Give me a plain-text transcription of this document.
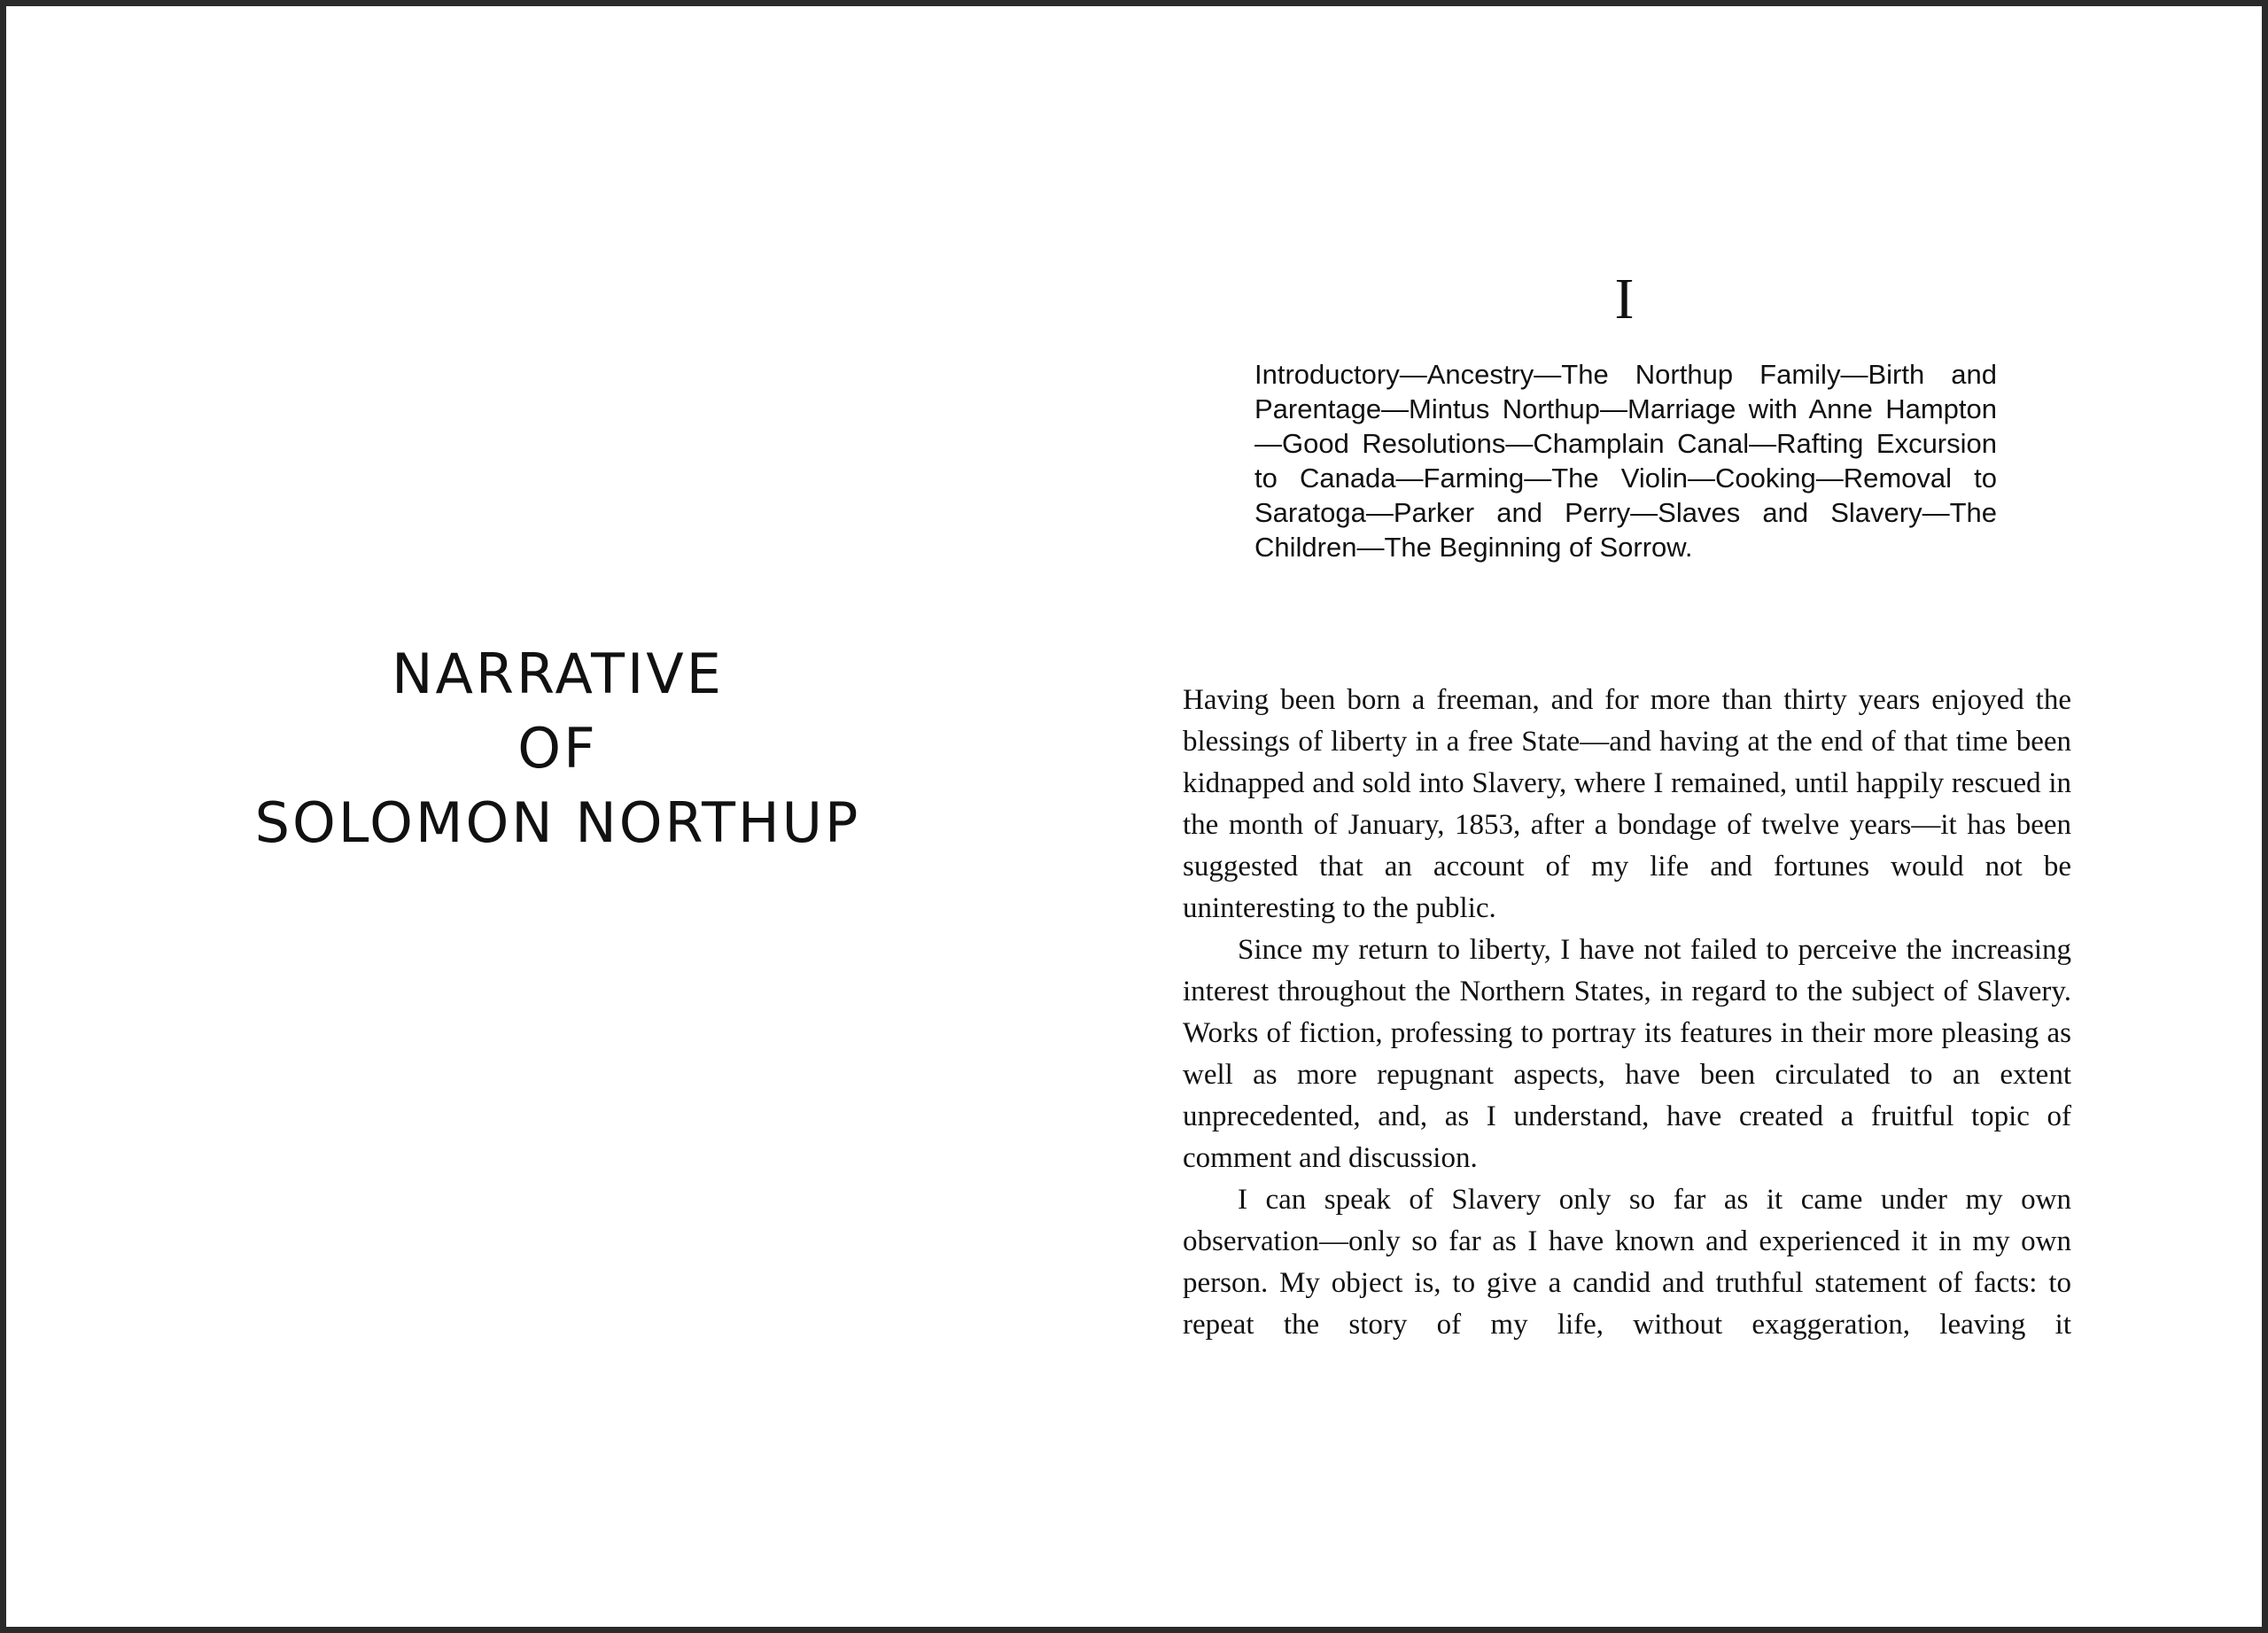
NARRATIVE
OF
SOLOMON NORTHUP
I

Introductory—Ancestry—The Northup Family—Birth and Parentage—Mintus Northup—Marriage with Anne Hampton—Good Resolutions—Champlain Canal—Rafting Excursion to Canada—Farming—The Violin—Cooking—Removal to Saratoga—Parker and Perry—Slaves and Slavery—The Children—The Beginning of Sorrow.

Having been born a freeman, and for more than thirty years enjoyed the blessings of liberty in a free State—and having at the end of that time been kidnapped and sold into Slavery, where I remained, until happily rescued in the month of January, 1853, after a bondage of twelve years—it has been suggested that an account of my life and fortunes would not be uninteresting to the public.

Since my return to liberty, I have not failed to perceive the increasing interest throughout the Northern States, in regard to the subject of Slavery. Works of fiction, professing to portray its features in their more pleasing as well as more repugnant aspects, have been circulated to an extent unprecedented, and, as I understand, have created a fruitful topic of comment and discussion.

I can speak of Slavery only so far as it came under my own observation—only so far as I have known and experienced it in my own person. My object is, to give a candid and truthful statement of facts: to repeat the story of my life, without exaggeration, leaving it
